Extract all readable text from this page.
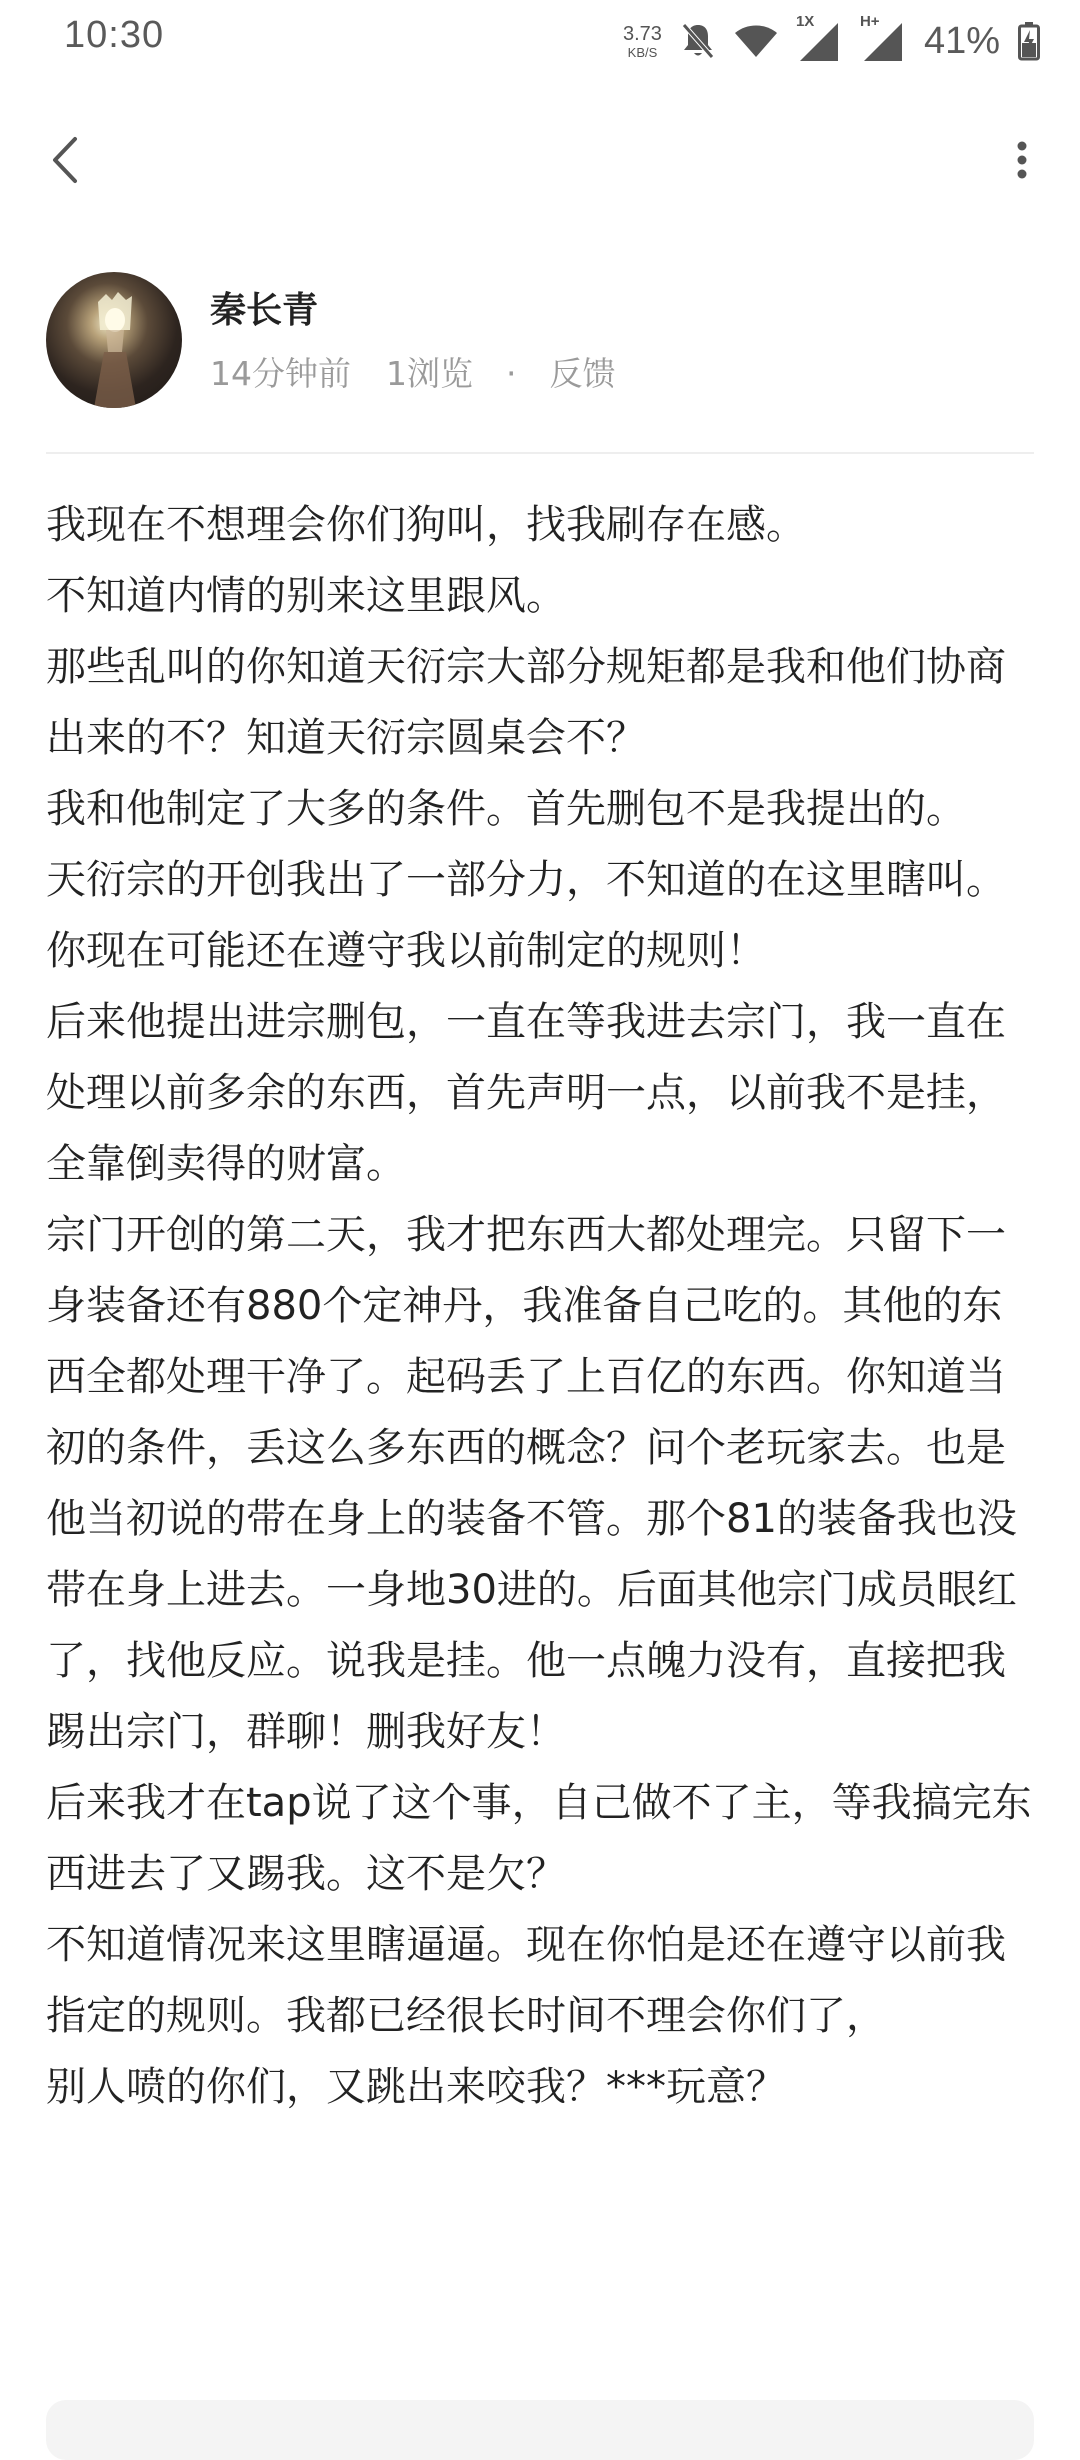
10:30	3.73
KB/S
1X	H+ 41%
秦长青
14分钟前 1浏览 · 反馈

我现在不想理会你们狗叫，找我刷存在感。

不知道内情的别来这里跟风。

那些乱叫的你知道天衍宗大部分规矩都是我和他们协商出来的不？知道天衍宗圆桌会不？

我和他制定了大多的条件。首先删包不是我提出的。

天衍宗的开创我出了一部分力，不知道的在这里瞎叫。你现在可能还在遵守我以前制定的规则！

后来他提出进宗删包，一直在等我进去宗门，我一直在处理以前多余的东西，首先声明一点，以前我不是挂，全靠倒卖得的财富。

宗门开创的第二天，我才把东西大都处理完。只留下一身装备还有880个定神丹，我准备自己吃的。其他的东西全都处理干净了。起码丢了上百亿的东西。你知道当初的条件，丢这么多东西的概念？问个老玩家去。也是他当初说的带在身上的装备不管。那个81的装备我也没带在身上进去。一身地30进的。后面其他宗门成员眼红了，找他反应。说我是挂。他一点魄力没有，直接把我踢出宗门，群聊！删我好友！

后来我才在tap说了这个事，自己做不了主，等我搞完东西进去了又踢我。这不是欠？

不知道情况来这里瞎逼逼。现在你怕是还在遵守以前我指定的规则。我都已经很长时间不理会你们了，

别人喷的你们，又跳出来咬我？***玩意？
